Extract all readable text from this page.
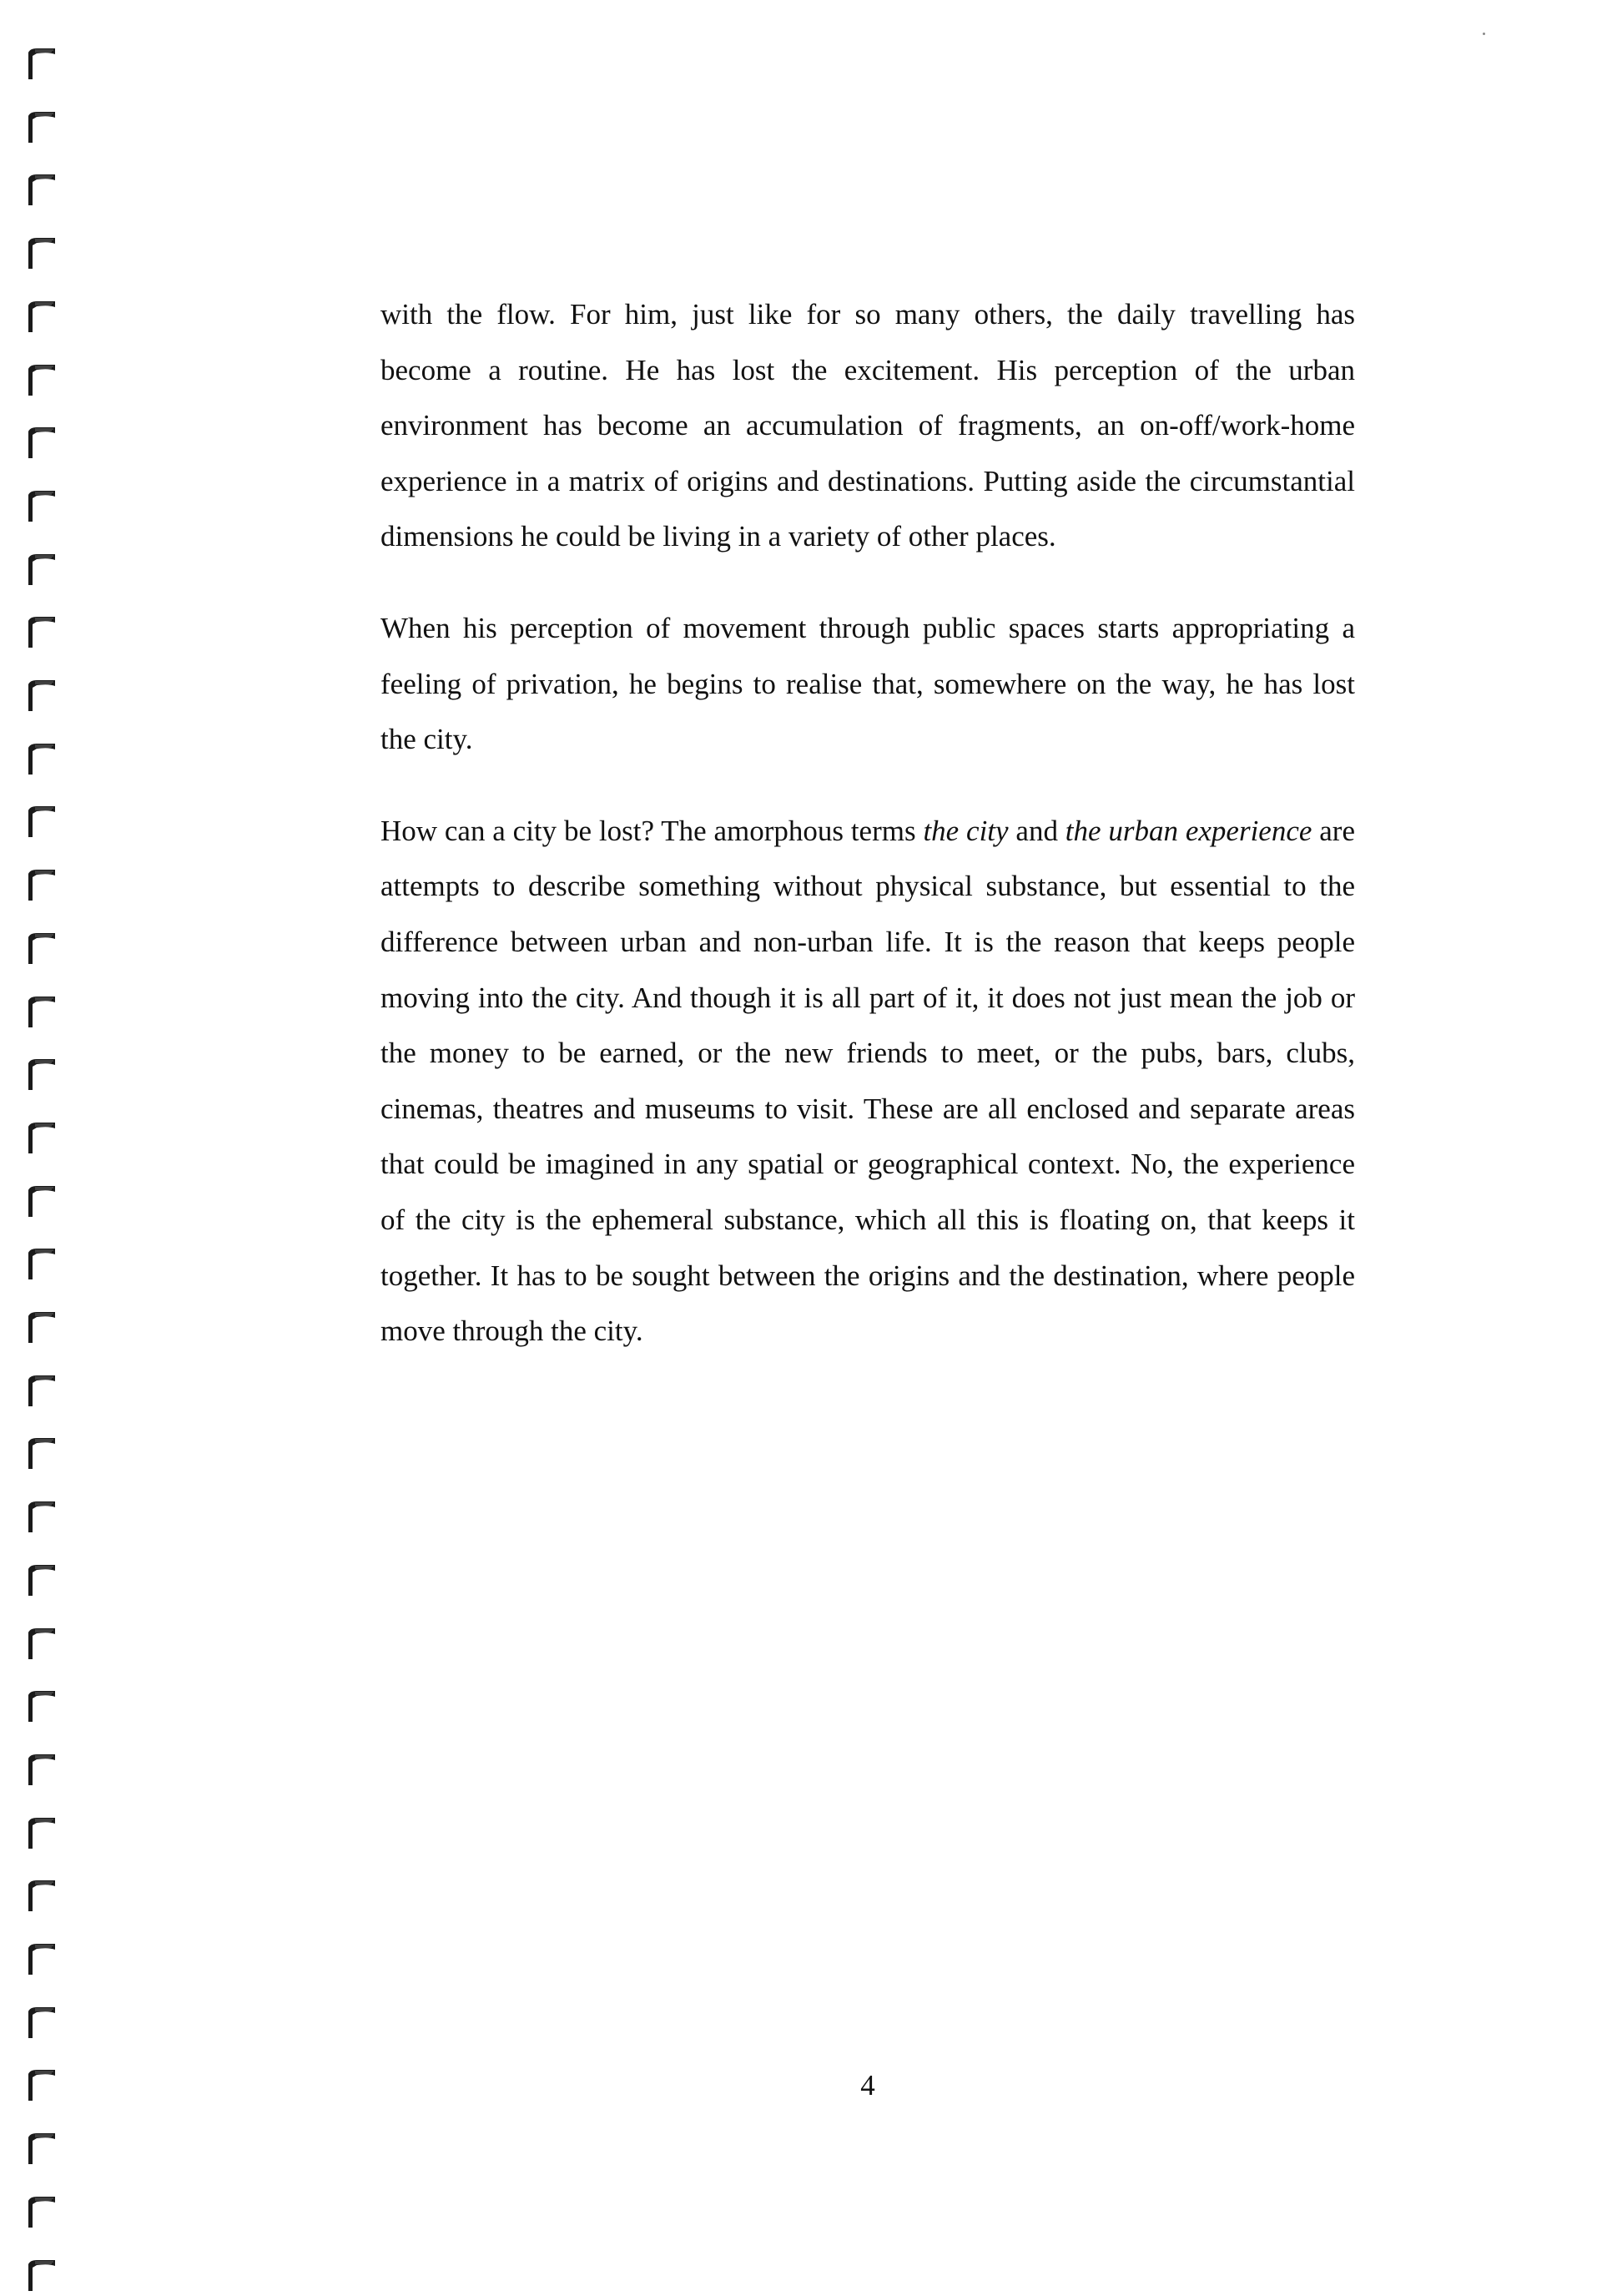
with the flow. For him, just like for so many others, the daily travelling has become a routine. He has lost the excitement. His perception of the urban environment has become an accumulation of fragments, an on-off/work-home experience in a matrix of origins and destinations. Putting aside the circumstantial dimensions he could be living in a variety of other places.

When his perception of movement through public spaces starts appropriating a feeling of privation, he begins to realise that, somewhere on the way, he has lost the city.

How can a city be lost? The amorphous terms the city and the urban experience are attempts to describe something without physical substance, but essential to the difference between urban and non-urban life. It is the reason that keeps people moving into the city. And though it is all part of it, it does not just mean the job or the money to be earned, or the new friends to meet, or the pubs, bars, clubs, cinemas, theatres and museums to visit. These are all enclosed and separate areas that could be imagined in any spatial or geographical context. No, the experience of the city is the ephemeral substance, which all this is floating on, that keeps it together. It has to be sought between the origins and the destination, where people move through the city.

4
